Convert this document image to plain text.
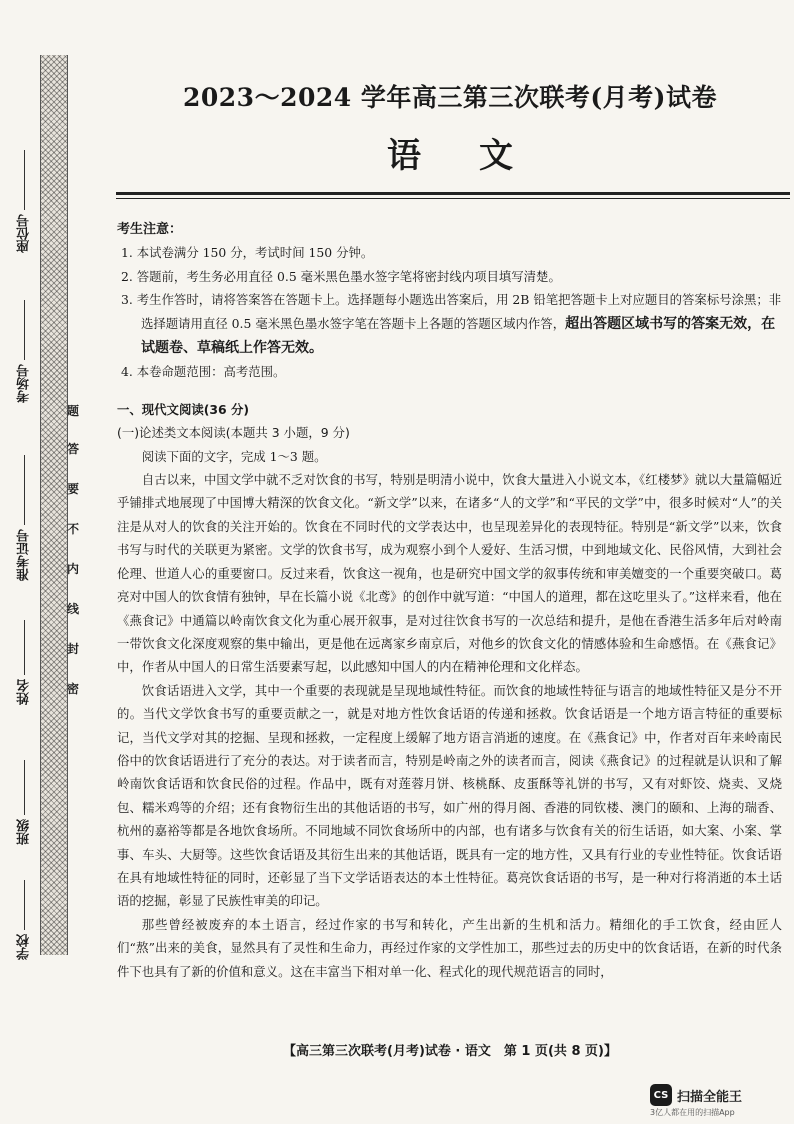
题
答
要
不
内
线
封
密
座位号
考场号
准考证号
姓名
班级
学校
2023～2024 学年高三第三次联考(月考)试卷
语文
考生注意：
1. 本试卷满分 150 分，考试时间 150 分钟。
2. 答题前，考生务必用直径 0.5 毫米黑色墨水签字笔将密封线内项目填写清楚。
3. 考生作答时，请将答案答在答题卡上。选择题每小题选出答案后，用 2B 铅笔把答题卡上对应题目的答案标号涂黑；非选择题请用直径 0.5 毫米黑色墨水签字笔在答题卡上各题的答题区域内作答，超出答题区域书写的答案无效，在试题卷、草稿纸上作答无效。
4. 本卷命题范围：高考范围。
一、现代文阅读(36 分)
(一)论述类文本阅读(本题共 3 小题，9 分)
阅读下面的文字，完成 1～3 题。
自古以来，中国文学中就不乏对饮食的书写，特别是明清小说中，饮食大量进入小说文本，《红楼梦》就以大量篇幅近乎铺排式地展现了中国博大精深的饮食文化。“新文学”以来，在诸多“人的文学”和“平民的文学”中，很多时候对“人”的关注是从对人的饮食的关注开始的。饮食在不同时代的文学表达中，也呈现差异化的表现特征。特别是“新文学”以来，饮食书写与时代的关联更为紧密。文学的饮食书写，成为观察小到个人爱好、生活习惯，中到地域文化、民俗风情，大到社会伦理、世道人心的重要窗口。反过来看，饮食这一视角，也是研究中国文学的叙事传统和审美嬗变的一个重要突破口。葛亮对中国人的饮食情有独钟，早在长篇小说《北鸢》的创作中就写道：“中国人的道理，都在这吃里头了。”这样来看，他在《燕食记》中通篇以岭南饮食文化为重心展开叙事，是对过往饮食书写的一次总结和提升，是他在香港生活多年后对岭南一带饮食文化深度观察的集中输出，更是他在远离家乡南京后，对他乡的饮食文化的情感体验和生命感悟。在《燕食记》中，作者从中国人的日常生活要素写起，以此感知中国人的内在精神伦理和文化样态。
饮食话语进入文学，其中一个重要的表现就是呈现地域性特征。而饮食的地域性特征与语言的地域性特征又是分不开的。当代文学饮食书写的重要贡献之一，就是对地方性饮食话语的传递和拯救。饮食话语是一个地方语言特征的重要标记，当代文学对其的挖掘、呈现和拯救，一定程度上缓解了地方语言消逝的速度。在《燕食记》中，作者对百年来岭南民俗中的饮食话语进行了充分的表达。对于读者而言，特别是岭南之外的读者而言，阅读《燕食记》的过程就是认识和了解岭南饮食话语和饮食民俗的过程。作品中，既有对莲蓉月饼、核桃酥、皮蛋酥等礼饼的书写，又有对虾饺、烧卖、叉烧包、糯米鸡等的介绍；还有食物衍生出的其他话语的书写，如广州的得月阁、香港的同钦楼、澳门的颐和、上海的瑞香、杭州的嘉裕等都是各地饮食场所。不同地域不同饮食场所中的内部，也有诸多与饮食有关的衍生话语，如大案、小案、掌事、车头、大厨等。这些饮食话语及其衍生出来的其他话语，既具有一定的地方性，又具有行业的专业性特征。饮食话语在具有地域性特征的同时，还彰显了当下文学话语表达的本土性特征。葛亮饮食话语的书写，是一种对行将消逝的本土话语的挖掘，彰显了民族性审美的印记。
那些曾经被废弃的本土语言，经过作家的书写和转化，产生出新的生机和活力。精细化的手工饮食，经由匠人们“熬”出来的美食，显然具有了灵性和生命力，再经过作家的文学性加工，那些过去的历史中的饮食话语，在新的时代条件下也具有了新的价值和意义。这在丰富当下相对单一化、程式化的现代规范语言的同时，
【高三第三次联考(月考)试卷 · 语文　第 1 页(共 8 页)】
CS 扫描全能王
3亿人都在用的扫描App
